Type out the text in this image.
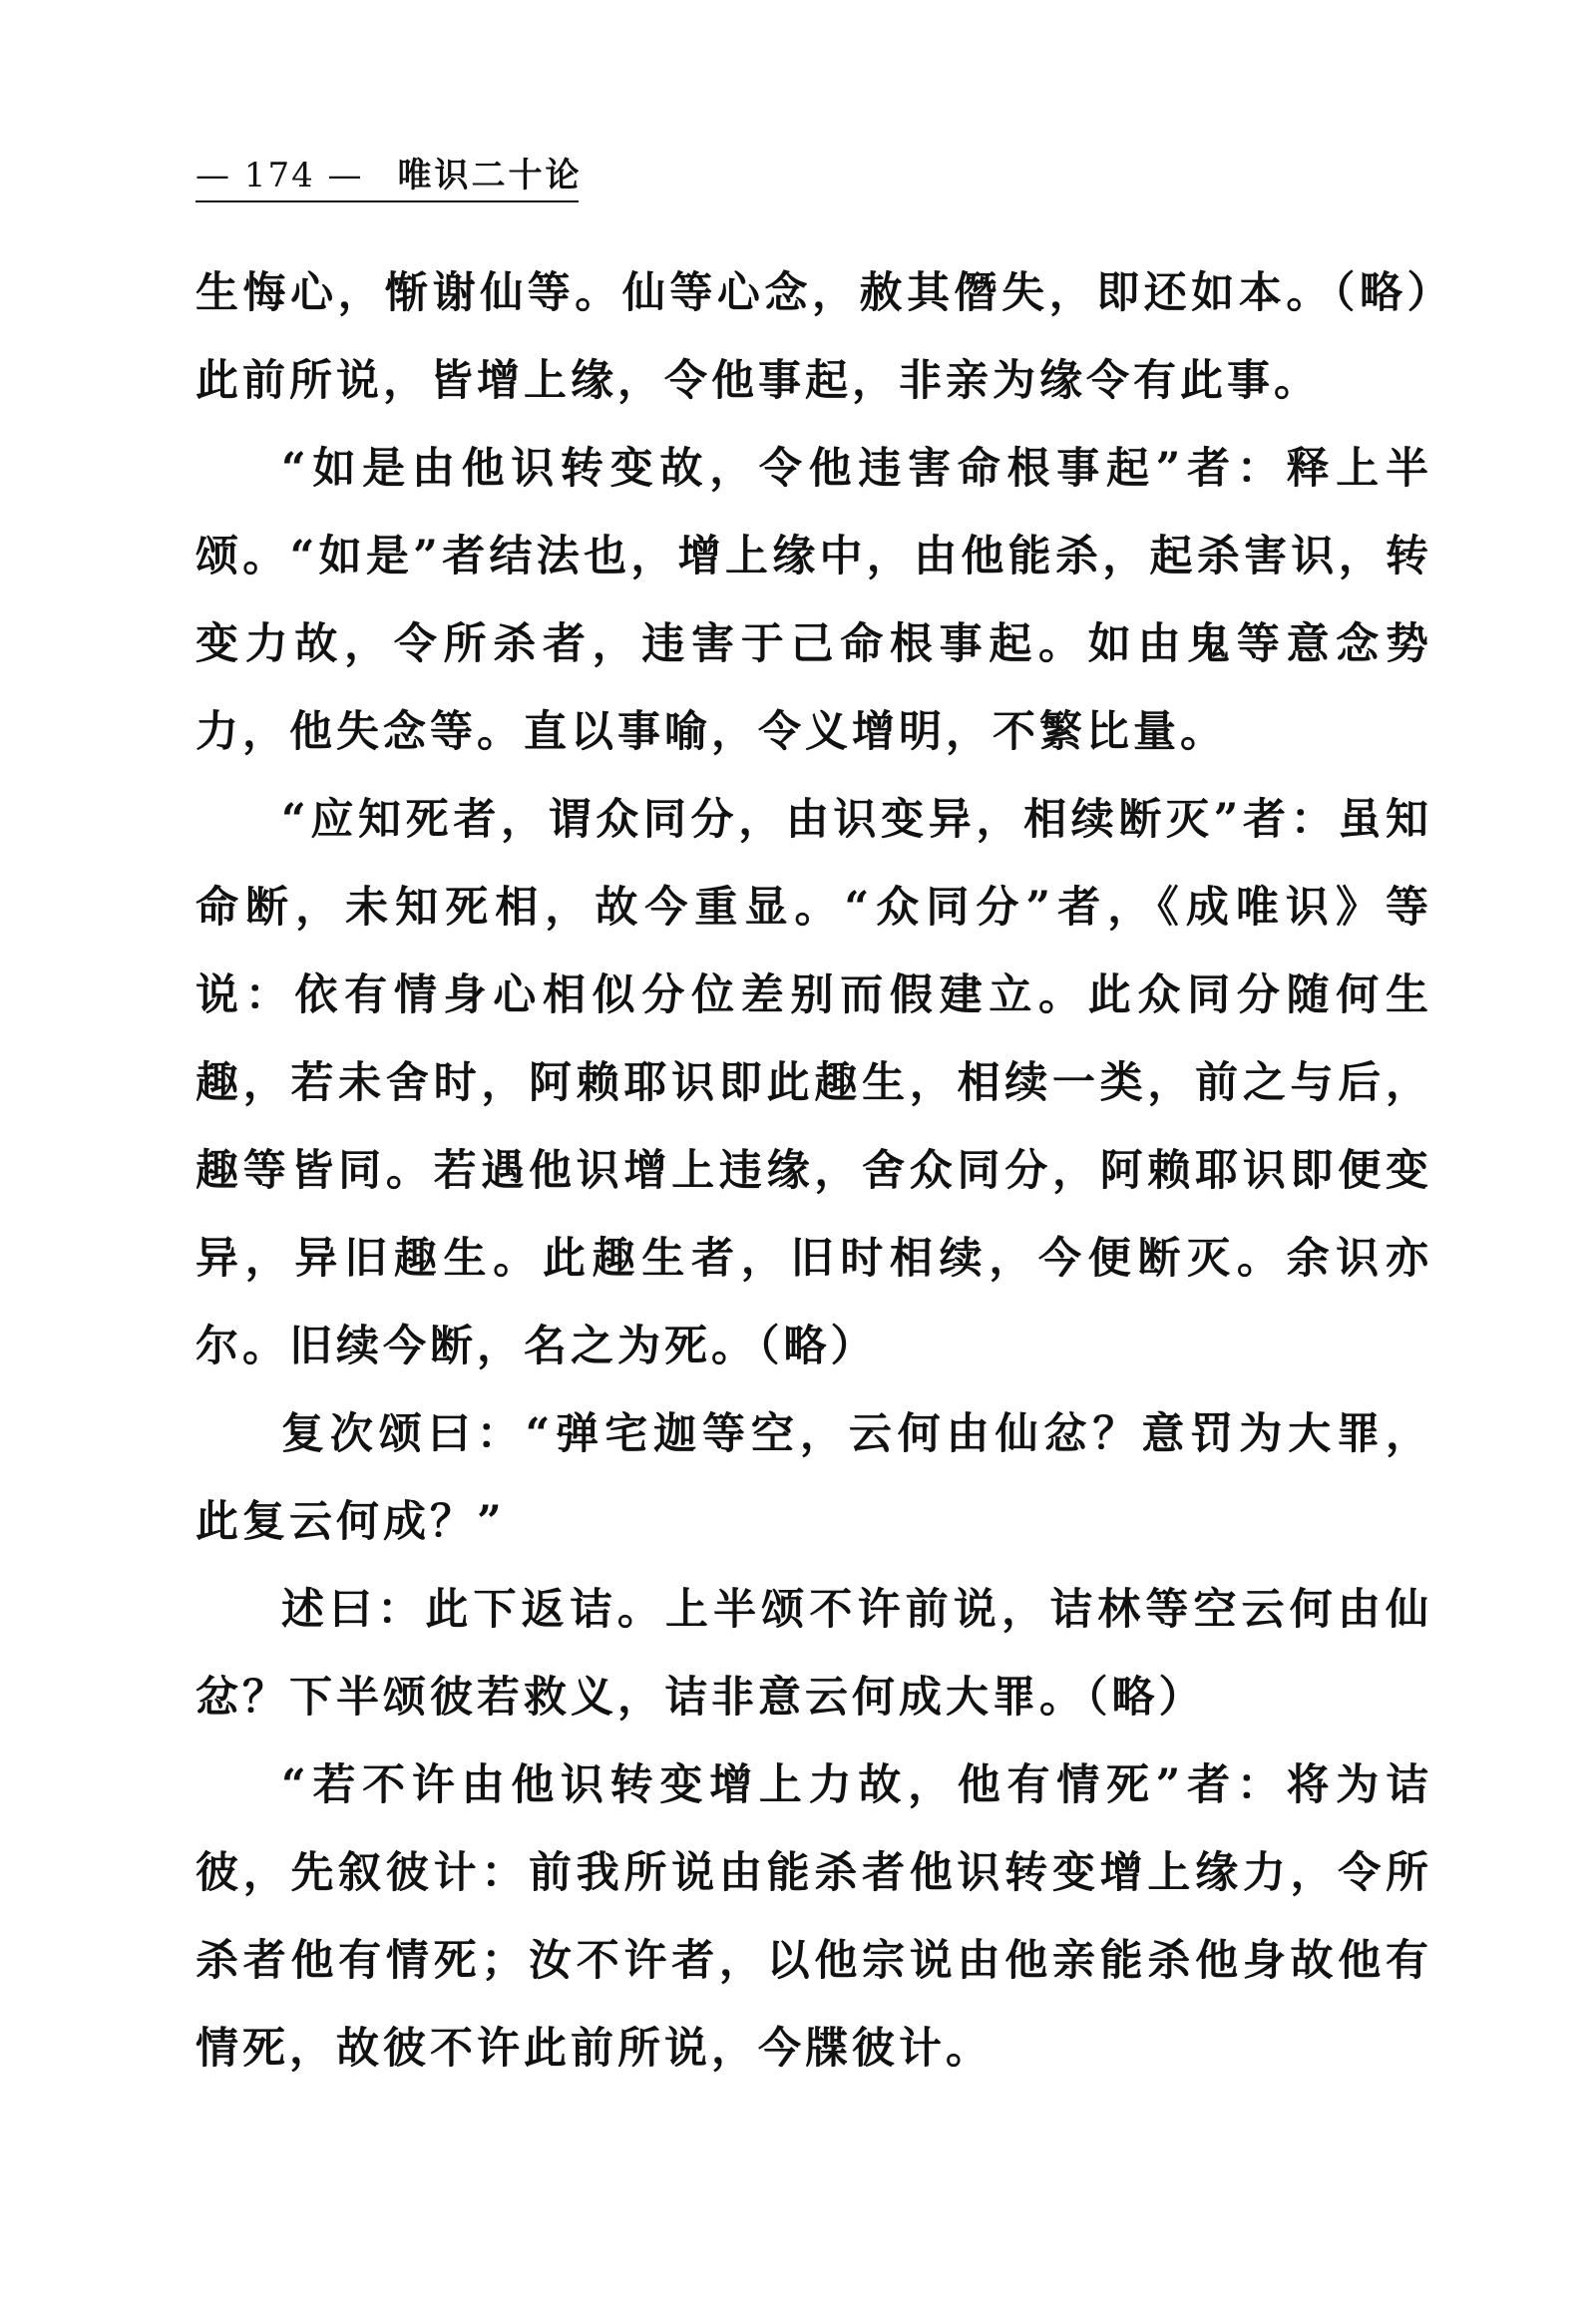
— 174 — 唯识二十论

生悔心，惭谢仙等。仙等心念，赦其僭失，即还如本。（略）此前所说，皆增上缘，令他事起，非亲为缘令有此事。

“如是由他识转变故，令他违害命根事起”者：释上半颂。“如是”者结法也，增上缘中，由他能杀，起杀害识，转变力故，令所杀者，违害于己命根事起。如由鬼等意念势力，他失念等。直以事喻，令义增明，不繁比量。

“应知死者，谓众同分，由识变异，相续断灭”者：虽知命断，未知死相，故今重显。“众同分”者，《成唯识》等说：依有情身心相似分位差别而假建立。此众同分随何生趣，若未舍时，阿赖耶识即此趣生，相续一类，前之与后，趣等皆同。若遇他识增上违缘，舍众同分，阿赖耶识即便变异，异旧趣生。此趣生者，旧时相续，今便断灭。余识亦尔。旧续今断，名之为死。（略）

复次颂曰：“弹宅迦等空，云何由仙忿？意罚为大罪，此复云何成？”

述曰：此下返诘。上半颂不许前说，诘林等空云何由仙忿？下半颂彼若救义，诘非意云何成大罪。（略）

“若不许由他识转变增上力故，他有情死”者：将为诘彼，先叙彼计：前我所说由能杀者他识转变增上缘力，令所杀者他有情死；汝不许者，以他宗说由他亲能杀他身故他有情死，故彼不许此前所说，今牒彼计。
